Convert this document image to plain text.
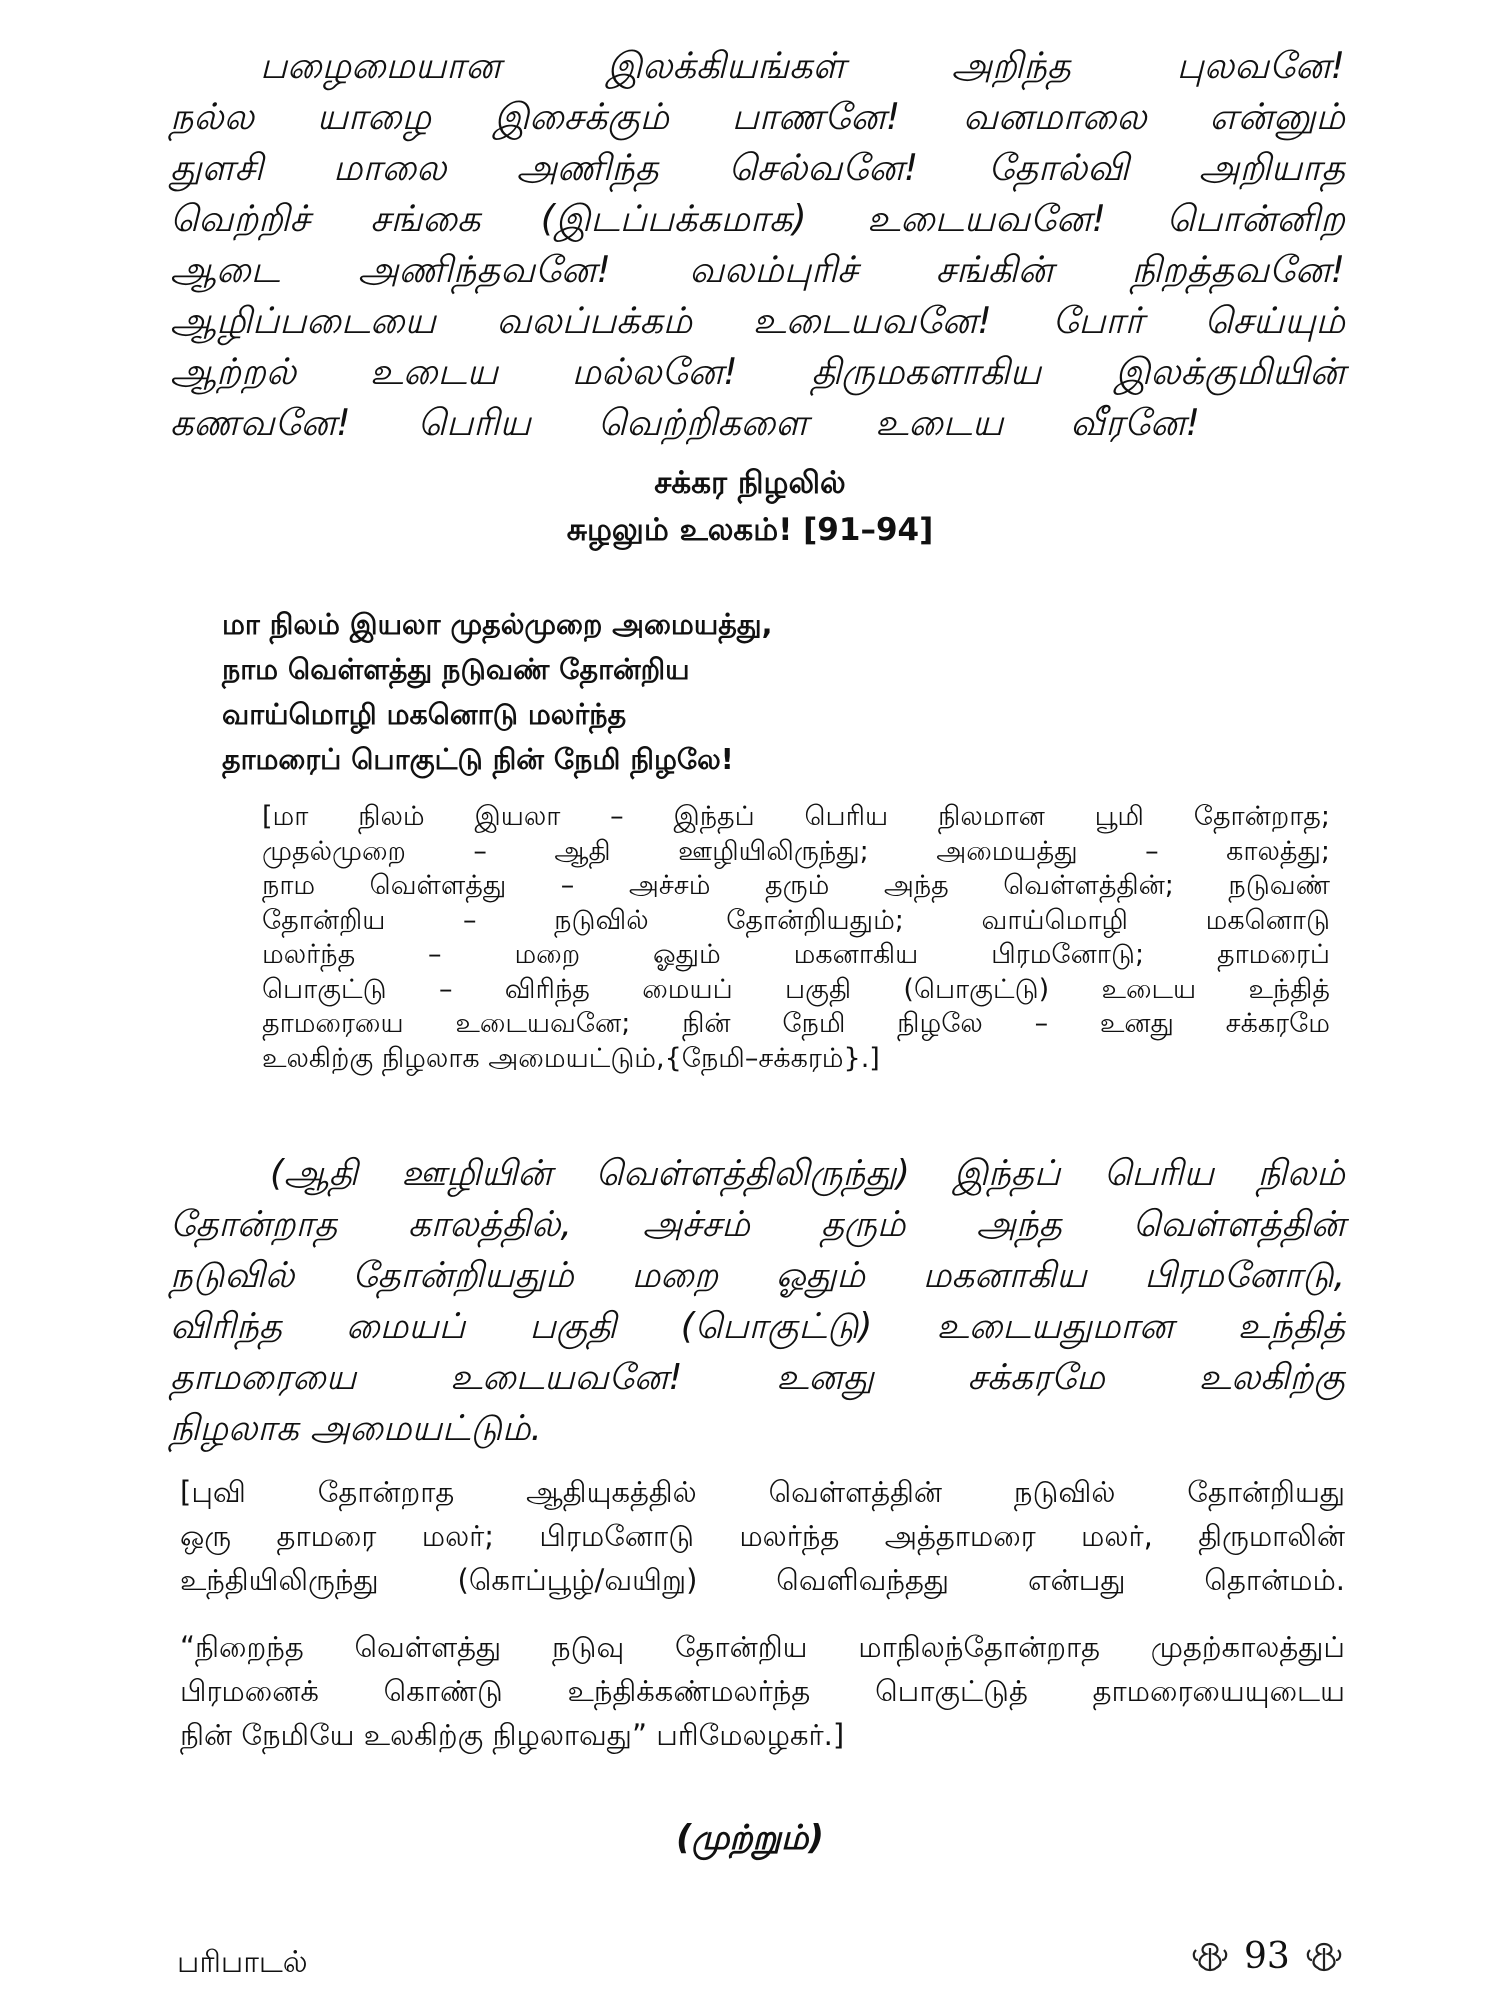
பழைமையான இலக்கியங்கள் அறிந்த புலவனே!
நல்ல யாழை இசைக்கும் பாணனே! வனமாலை என்னும்
துளசி மாலை அணிந்த செல்வனே! தோல்வி அறியாத
வெற்றிச் சங்கை (இடப்பக்கமாக) உடையவனே! பொன்னிற
ஆடை அணிந்தவனே! வலம்புரிச் சங்கின் நிறத்தவனே!
ஆழிப்படையை வலப்பக்கம் உடையவனே! போர் செய்யும்
ஆற்றல் உடைய மல்லனே! திருமகளாகிய இலக்குமியின்
கணவனே! பெரிய வெற்றிகளை உடைய வீரனே!
சக்கர நிழலில்
சுழலும் உலகம்! [91–94]
மா நிலம் இயலா முதல்முறை அமையத்து,
நாம வெள்ளத்து நடுவண் தோன்றிய
வாய்மொழி மகனொடு மலர்ந்த
தாமரைப் பொகுட்டு நின் நேமி நிழலே!
[மா நிலம் இயலா – இந்தப் பெரிய நிலமான பூமி தோன்றாத;
முதல்முறை – ஆதி ஊழியிலிருந்து; அமையத்து – காலத்து;
நாம வெள்ளத்து – அச்சம் தரும் அந்த வெள்ளத்தின்; நடுவண்
தோன்றிய – நடுவில் தோன்றியதும்; வாய்மொழி மகனொடு
மலர்ந்த – மறை ஓதும் மகனாகிய பிரமனோடு; தாமரைப்
பொகுட்டு – விரிந்த மையப் பகுதி (பொகுட்டு) உடைய உந்தித்
தாமரையை உடையவனே; நின் நேமி நிழலே – உனது சக்கரமே
உலகிற்கு நிழலாக அமையட்டும்,{நேமி–சக்கரம்}.]
(ஆதி ஊழியின் வெள்ளத்திலிருந்து) இந்தப் பெரிய நிலம்
தோன்றாத காலத்தில், அச்சம் தரும் அந்த வெள்ளத்தின்
நடுவில் தோன்றியதும் மறை ஓதும் மகனாகிய பிரமனோடு,
விரிந்த மையப் பகுதி (பொகுட்டு) உடையதுமான உந்தித்
தாமரையை உடையவனே! உனது சக்கரமே உலகிற்கு
நிழலாக அமையட்டும்.
[புவி தோன்றாத ஆதியுகத்தில் வெள்ளத்தின் நடுவில் தோன்றியது
ஒரு தாமரை மலர்; பிரமனோடு மலர்ந்த அத்தாமரை மலர், திருமாலின்
உந்தியிலிருந்து (கொப்பூழ்/வயிறு) வெளிவந்தது என்பது தொன்மம்.
“நிறைந்த வெள்ளத்து நடுவு தோன்றிய மாநிலந்தோன்றாத முதற்காலத்துப்
பிரமனைக் கொண்டு உந்திக்கண்மலர்ந்த பொகுட்டுத் தாமரையையுடைய
நின் நேமியே உலகிற்கு நிழலாவது” பரிமேலழகர்.]
(முற்றும்)
பரிபாடல்	93
